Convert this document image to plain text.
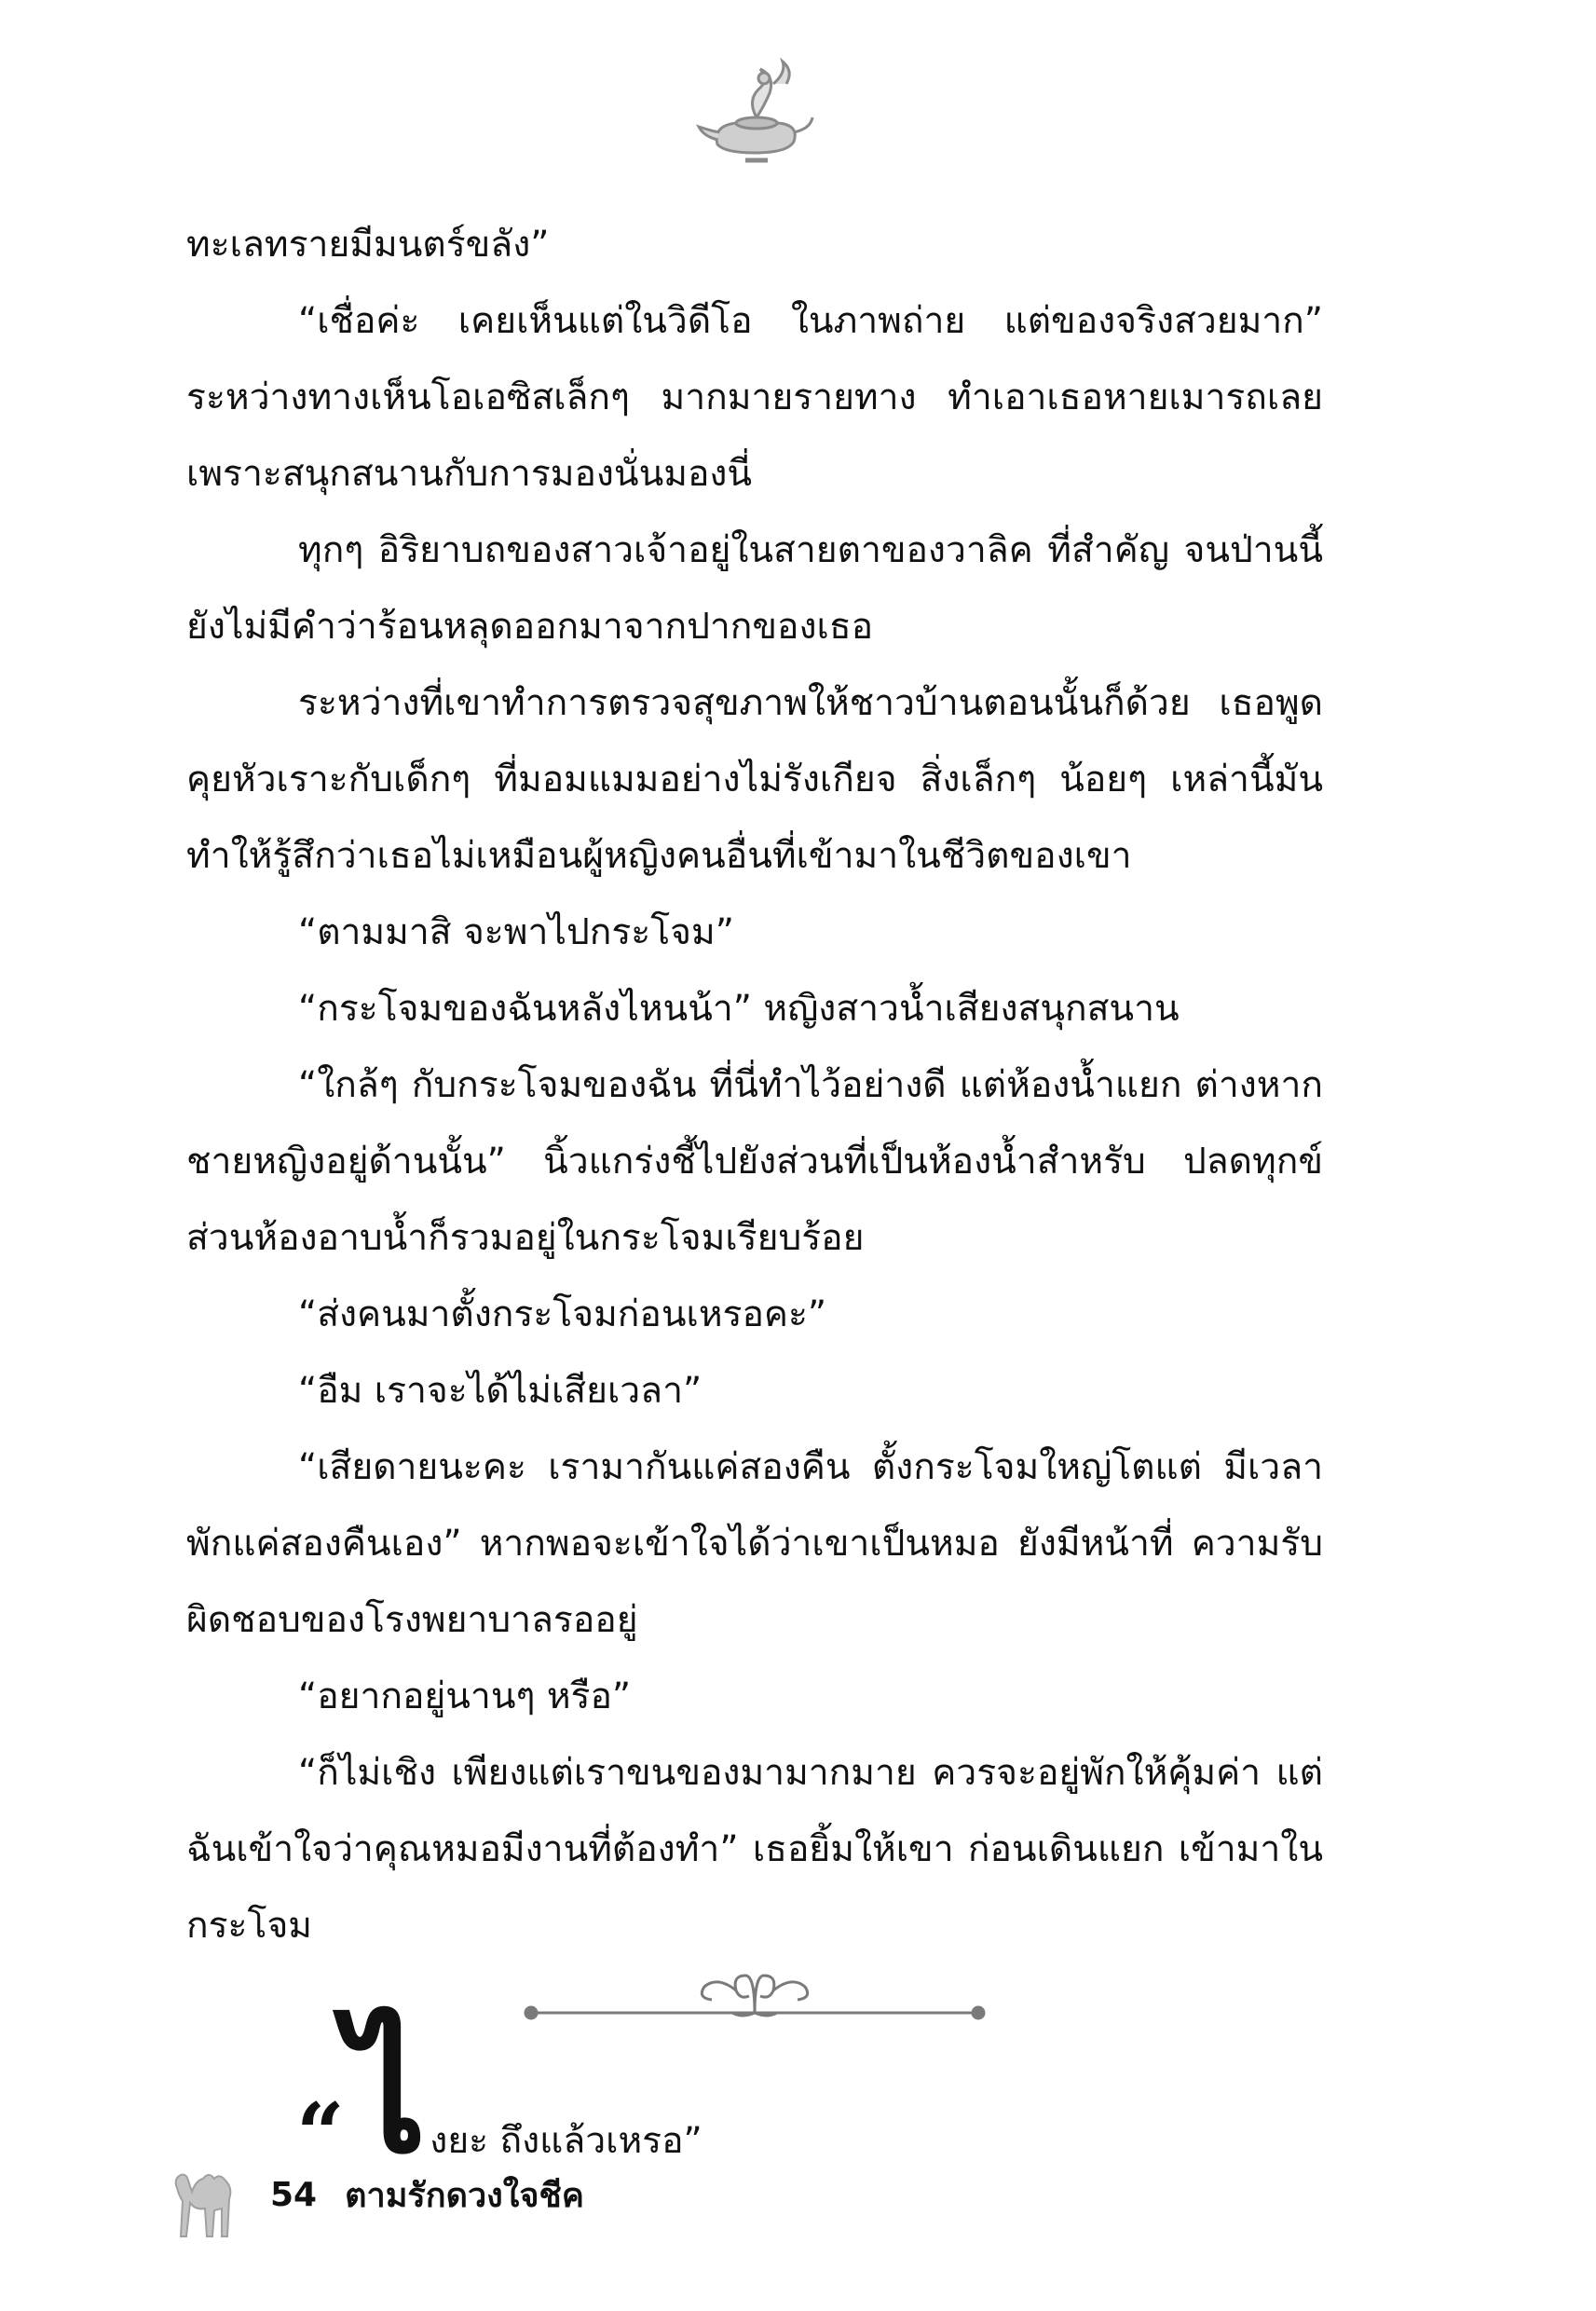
ทะเลทรายมีมนตร์ขลัง”

“เชื่อค่ะ เคยเห็นแต่ในวิดีโอ ในภาพถ่าย แต่ของจริงสวยมาก” ระหว่างทางเห็นโอเอซิสเล็กๆ มากมายรายทาง ทำเอาเธอหายเมารถเลย เพราะสนุกสนานกับการมองนั่นมองนี่

ทุกๆ อิริยาบถของสาวเจ้าอยู่ในสายตาของวาลิค ที่สำคัญ จนป่านนี้ยังไม่มีคำว่าร้อนหลุดออกมาจากปากของเธอ

ระหว่างที่เขาทำการตรวจสุขภาพให้ชาวบ้านตอนนั้นก็ด้วย เธอพูดคุยหัวเราะกับเด็กๆ ที่มอมแมมอย่างไม่รังเกียจ สิ่งเล็กๆ น้อยๆ เหล่านี้มันทำให้รู้สึกว่าเธอไม่เหมือนผู้หญิงคนอื่นที่เข้ามาในชีวิตของเขา

“ตามมาสิ จะพาไปกระโจม”

“กระโจมของฉันหลังไหนน้า” หญิงสาวน้ำเสียงสนุกสนาน

“ใกล้ๆ กับกระโจมของฉัน ที่นี่ทำไว้อย่างดี แต่ห้องน้ำแยก ต่างหากชายหญิงอยู่ด้านนั้น” นิ้วแกร่งชี้ไปยังส่วนที่เป็นห้องน้ำสำหรับ ปลดทุกข์ ส่วนห้องอาบน้ำก็รวมอยู่ในกระโจมเรียบร้อย

“ส่งคนมาตั้งกระโจมก่อนเหรอคะ”

“อืม เราจะได้ไม่เสียเวลา”

“เสียดายนะคะ เรามากันแค่สองคืน ตั้งกระโจมใหญ่โตแต่ มีเวลาพักแค่สองคืนเอง” หากพอจะเข้าใจได้ว่าเขาเป็นหมอ ยังมีหน้าที่ ความรับผิดชอบของโรงพยาบาลรออยู่

“อยากอยู่นานๆ หรือ”

“ก็ไม่เชิง เพียงแต่เราขนของมามากมาย ควรจะอยู่พักให้คุ้มค่า แต่ฉันเข้าใจว่าคุณหมอมีงานที่ต้องทำ” เธอยิ้มให้เขา ก่อนเดินแยก เข้ามาในกระโจม

“ ไ งยะ ถึงแล้วเหรอ”
54 ตามรักดวงใจชีค
